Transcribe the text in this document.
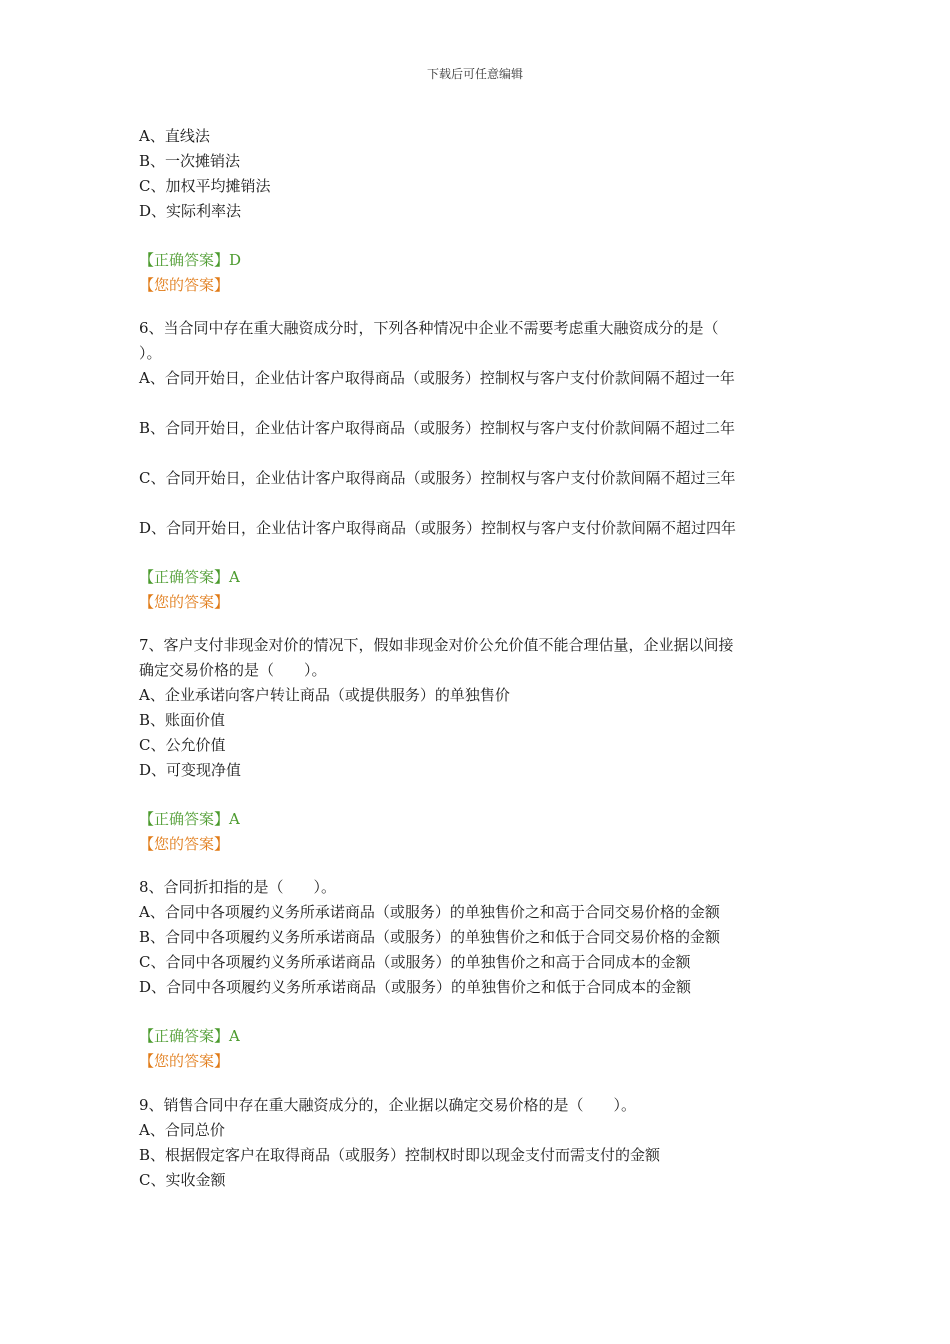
下载后可任意编辑
A、直线法
B、一次摊销法
C、加权平均摊销法
D、实际利率法
【正确答案】D
【您的答案】
6、当合同中存在重大融资成分时，下列各种情况中企业不需要考虑重大融资成分的是（
）。
A、合同开始日，企业估计客户取得商品（或服务）控制权与客户支付价款间隔不超过一年
B、合同开始日，企业估计客户取得商品（或服务）控制权与客户支付价款间隔不超过二年
C、合同开始日，企业估计客户取得商品（或服务）控制权与客户支付价款间隔不超过三年
D、合同开始日，企业估计客户取得商品（或服务）控制权与客户支付价款间隔不超过四年
【正确答案】A
【您的答案】
7、客户支付非现金对价的情况下，假如非现金对价公允价值不能合理估量，企业据以间接
确定交易价格的是（　　）。
A、企业承诺向客户转让商品（或提供服务）的单独售价
B、账面价值
C、公允价值
D、可变现净值
【正确答案】A
【您的答案】
8、合同折扣指的是（　　）。
A、合同中各项履约义务所承诺商品（或服务）的单独售价之和高于合同交易价格的金额
B、合同中各项履约义务所承诺商品（或服务）的单独售价之和低于合同交易价格的金额
C、合同中各项履约义务所承诺商品（或服务）的单独售价之和高于合同成本的金额
D、合同中各项履约义务所承诺商品（或服务）的单独售价之和低于合同成本的金额
【正确答案】A
【您的答案】
9、销售合同中存在重大融资成分的，企业据以确定交易价格的是（　　）。
A、合同总价
B、根据假定客户在取得商品（或服务）控制权时即以现金支付而需支付的金额
C、实收金额
